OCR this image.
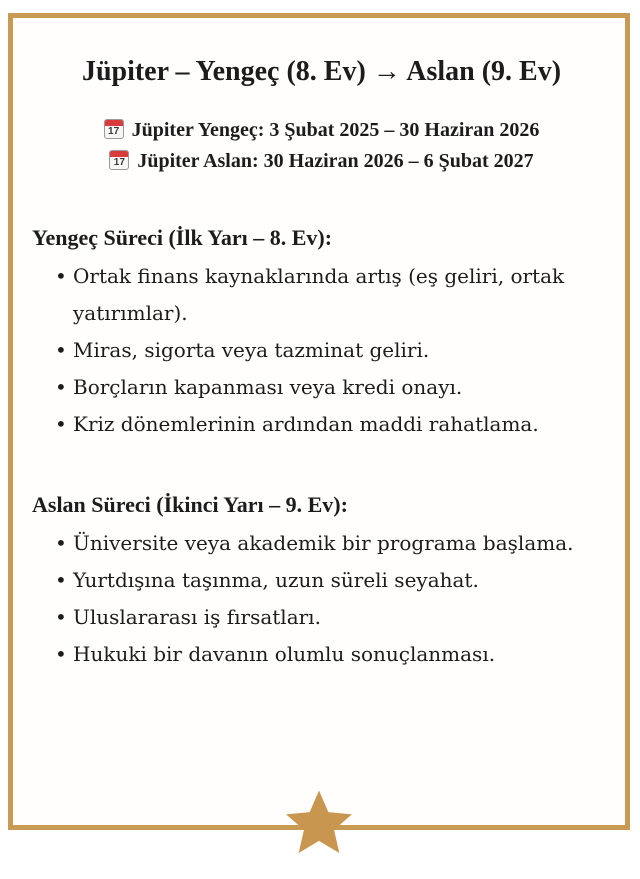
Jüpiter – Yengeç (8. Ev) → Aslan (9. Ev)
17 Jüpiter Yengeç: 3 Şubat 2025 – 30 Haziran 2026
17 Jüpiter Aslan: 30 Haziran 2026 – 6 Şubat 2027
Yengeç Süreci (İlk Yarı – 8. Ev):
• Ortak finans kaynaklarında artış (eş geliri, ortak yatırımlar).
• Miras, sigorta veya tazminat geliri.
• Borçların kapanması veya kredi onayı.
• Kriz dönemlerinin ardından maddi rahatlama.
Aslan Süreci (İkinci Yarı – 9. Ev):
• Üniversite veya akademik bir programa başlama.
• Yurtdışına taşınma, uzun süreli seyahat.
• Uluslararası iş fırsatları.
• Hukuki bir davanın olumlu sonuçlanması.
